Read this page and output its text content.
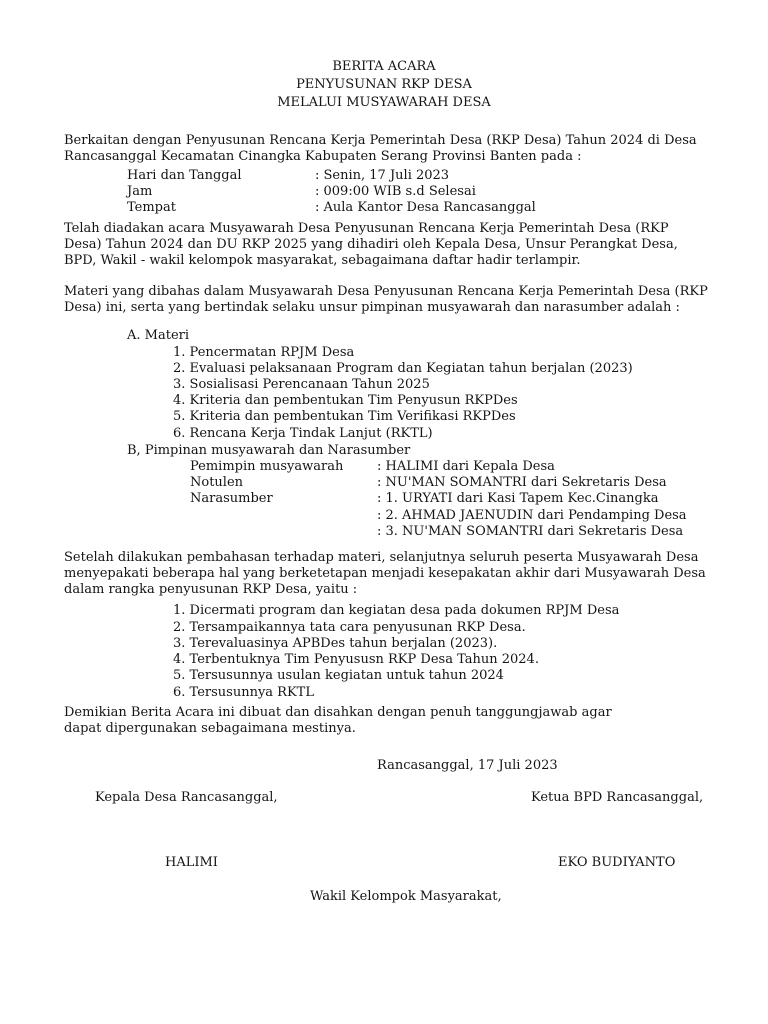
BERITA ACARA
PENYUSUNAN RKP DESA
MELALUI MUSYAWARAH DESA
Berkaitan dengan Penyusunan Rencana Kerja Pemerintah Desa (RKP Desa) Tahun 2024 di Desa
Rancasanggal Kecamatan Cinangka Kabupaten Serang Provinsi Banten pada :
Hari dan Tanggal	: Senin, 17 Juli 2023
Jam	: 009:00 WIB s.d Selesai
Tempat	: Aula Kantor Desa Rancasanggal
Telah diadakan acara Musyawarah Desa Penyusunan Rencana Kerja Pemerintah Desa (RKP
Desa) Tahun 2024 dan DU RKP 2025 yang dihadiri oleh Kepala Desa, Unsur Perangkat Desa,
BPD, Wakil - wakil kelompok masyarakat, sebagaimana daftar hadir terlampir.
Materi yang dibahas dalam Musyawarah Desa Penyusunan Rencana Kerja Pemerintah Desa (RKP
Desa) ini, serta yang bertindak selaku unsur pimpinan musyawarah dan narasumber adalah :
A. Materi
1. Pencermatan RPJM Desa
2. Evaluasi pelaksanaan Program dan Kegiatan tahun berjalan (2023)
3. Sosialisasi Perencanaan Tahun 2025
4. Kriteria dan pembentukan Tim Penyusun RKPDes
5. Kriteria dan pembentukan Tim Verifikasi RKPDes
6. Rencana Kerja Tindak Lanjut (RKTL)
B, Pimpinan musyawarah dan Narasumber
Pemimpin musyawarah	: HALIMI dari Kepala Desa
Notulen	: NU'MAN SOMANTRI dari Sekretaris Desa
Narasumber	: 1. URYATI dari Kasi Tapem Kec.Cinangka
: 2. AHMAD JAENUDIN dari Pendamping Desa
: 3. NU'MAN SOMANTRI dari Sekretaris Desa
Setelah dilakukan pembahasan terhadap materi, selanjutnya seluruh peserta Musyawarah Desa
menyepakati beberapa hal yang berketetapan menjadi kesepakatan akhir dari Musyawarah Desa
dalam rangka penyusunan RKP Desa, yaitu :
1. Dicermati program dan kegiatan desa pada dokumen RPJM Desa
2. Tersampaikannya tata cara penyusunan RKP Desa.
3. Terevaluasinya APBDes tahun berjalan (2023).
4. Terbentuknya Tim Penyususn RKP Desa Tahun 2024.
5. Tersusunnya usulan kegiatan untuk tahun 2024
6. Tersusunnya RKTL
Demikian Berita Acara ini dibuat dan disahkan dengan penuh tanggungjawab agar
dapat dipergunakan sebagaimana mestinya.
Rancasanggal, 17 Juli 2023
Kepala Desa Rancasanggal,	Ketua BPD Rancasanggal,
HALIMI	EKO BUDIYANTO
Wakil Kelompok Masyarakat,
